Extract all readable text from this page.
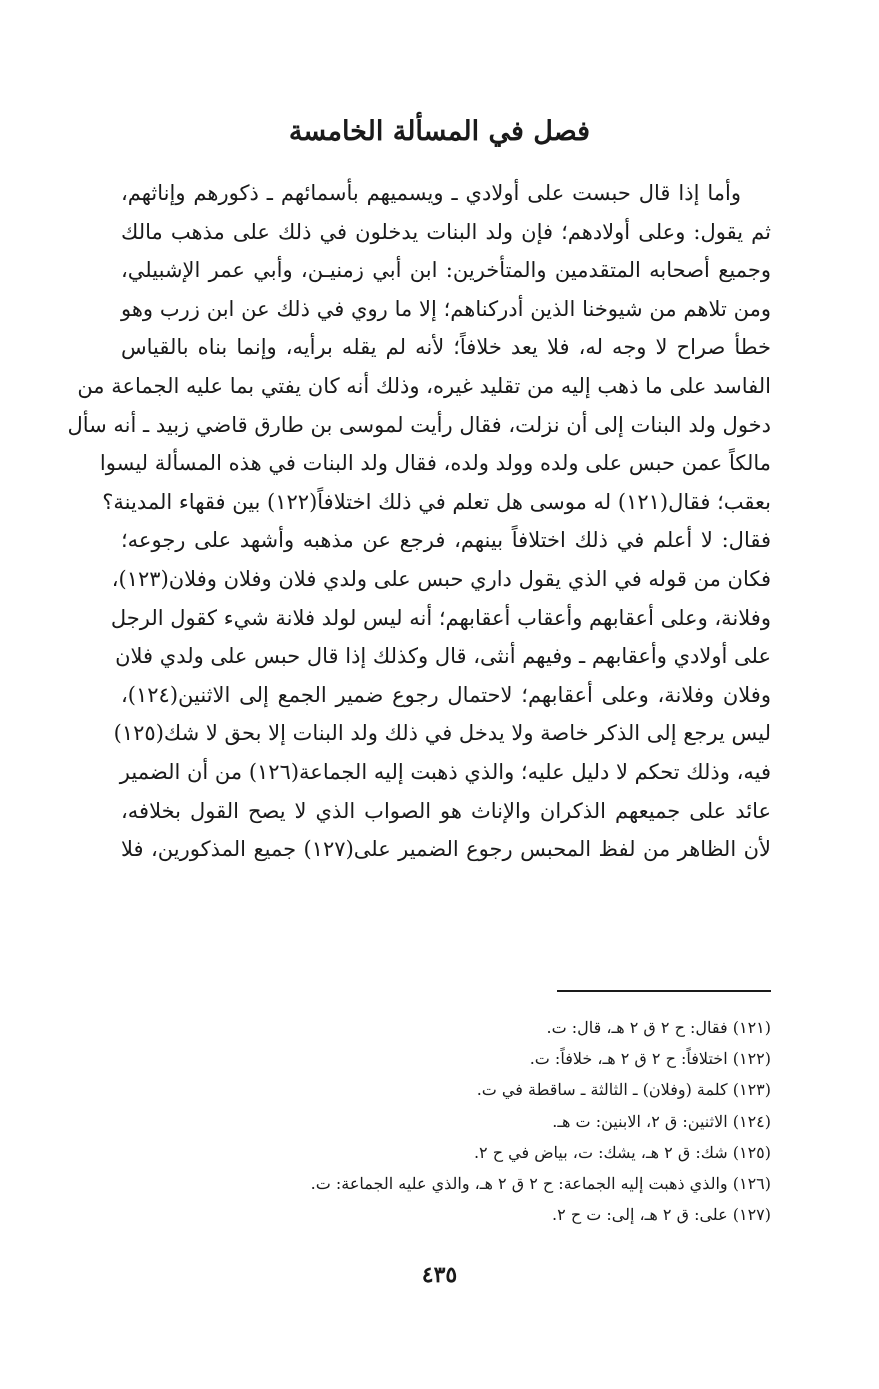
فصل في المسألة الخامسة
وأما إذا قال حبست على أولادي ـ ويسميهم بأسمائهم ـ ذكورهم وإناثهم،
ثم يقول: وعلى أولادهم؛ فإن ولد البنات يدخلون في ذلك على مذهب مالك
وجميع أصحابه المتقدمين والمتأخرين: ابن أبي زمنيـن، وأبي عمر الإشبيلي،
ومن تلاهم من شيوخنا الذين أدركناهم؛ إلا ما روي في ذلك عن ابن زرب وهو
خطأ صراح لا وجه له، فلا يعد خلافاً؛ لأنه لم يقله برأيه، وإنما بناه بالقياس
الفاسد على ما ذهب إليه من تقليد غيره، وذلك أنه كان يفتي بما عليه الجماعة من
دخول ولد البنات إلى أن نزلت، فقال رأيت لموسى بن طارق قاضي زبيد ـ أنه سأل
مالكاً عمن حبس على ولده وولد ولده، فقال ولد البنات في هذه المسألة ليسوا
بعقب؛ فقال(١٢١) له موسى هل تعلم في ذلك اختلافاً(١٢٢) بين فقهاء المدينة؟
فقال: لا أعلم في ذلك اختلافاً بينهم، فرجع عن مذهبه وأشهد على رجوعه؛
فكان من قوله في الذي يقول داري حبس على ولدي فلان وفلان وفلان(١٢٣)،
وفلانة، وعلى أعقابهم وأعقاب أعقابهم؛ أنه ليس لولد فلانة شيء كقول الرجل
على أولادي وأعقابهم ـ وفيهم أنثى، قال وكذلك إذا قال حبس على ولدي فلان
وفلان وفلانة، وعلى أعقابهم؛ لاحتمال رجوع ضمير الجمع إلى الاثنين(١٢٤)،
ليس يرجع إلى الذكر خاصة ولا يدخل في ذلك ولد البنات إلا بحق لا شك(١٢٥)
فيه، وذلك تحكم لا دليل عليه؛ والذي ذهبت إليه الجماعة(١٢٦) من أن الضمير
عائد على جميعهم الذكران والإناث هو الصواب الذي لا يصح القول بخلافه،
لأن الظاهر من لفظ المحبس رجوع الضمير على(١٢٧) جميع المذكورين، فلا
(١٢١) فقال: ح ٢ ق ٢ هـ، قال: ت.
(١٢٢) اختلافاً: ح ٢ ق ٢ هـ، خلافاً: ت.
(١٢٣) كلمة (وفلان) ـ الثالثة ـ ساقطة في ت.
(١٢٤) الاثنين: ق ٢، الابنين: ت هـ.
(١٢٥) شك: ق ٢ هـ، يشك: ت، بياض في ح ٢.
(١٢٦) والذي ذهبت إليه الجماعة: ح ٢ ق ٢ هـ، والذي عليه الجماعة: ت.
(١٢٧) على: ق ٢ هـ، إلى: ت ح ٢.
٤٣٥
